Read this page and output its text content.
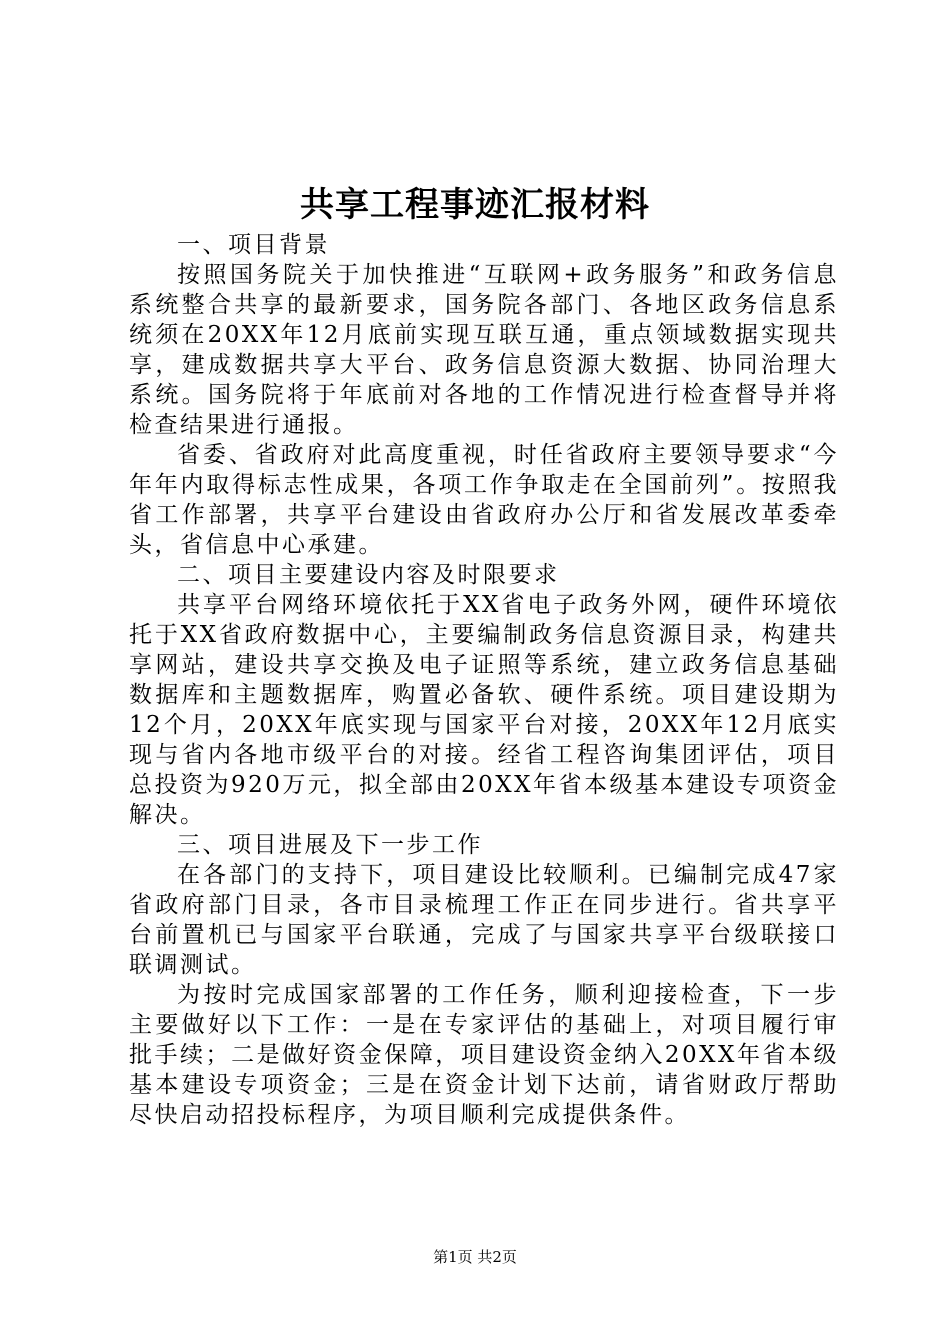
共享工程事迹汇报材料

一、项目背景

按照国务院关于加快推进“互联网+政务服务”和政务信息系统整合共享的最新要求，国务院各部门、各地区政务信息系统须在20XX年12月底前实现互联互通，重点领域数据实现共享，建成数据共享大平台、政务信息资源大数据、协同治理大系统。国务院将于年底前对各地的工作情况进行检查督导并将检查结果进行通报。

省委、省政府对此高度重视，时任省政府主要领导要求“今年年内取得标志性成果，各项工作争取走在全国前列”。按照我省工作部署，共享平台建设由省政府办公厅和省发展改革委牵头，省信息中心承建。

二、项目主要建设内容及时限要求

共享平台网络环境依托于XX省电子政务外网，硬件环境依托于XX省政府数据中心，主要编制政务信息资源目录，构建共享网站，建设共享交换及电子证照等系统，建立政务信息基础数据库和主题数据库，购置必备软、硬件系统。项目建设期为12个月，20XX年底实现与国家平台对接，20XX年12月底实现与省内各地市级平台的对接。经省工程咨询集团评估，项目总投资为920万元，拟全部由20XX年省本级基本建设专项资金解决。

三、项目进展及下一步工作

在各部门的支持下，项目建设比较顺利。已编制完成47家省政府部门目录，各市目录梳理工作正在同步进行。省共享平台前置机已与国家平台联通，完成了与国家共享平台级联接口联调测试。

为按时完成国家部署的工作任务，顺利迎接检查，下一步主要做好以下工作：一是在专家评估的基础上，对项目履行审批手续；二是做好资金保障，项目建设资金纳入20XX年省本级基本建设专项资金；三是在资金计划下达前，请省财政厅帮助尽快启动招投标程序，为项目顺利完成提供条件。

第1页 共2页
